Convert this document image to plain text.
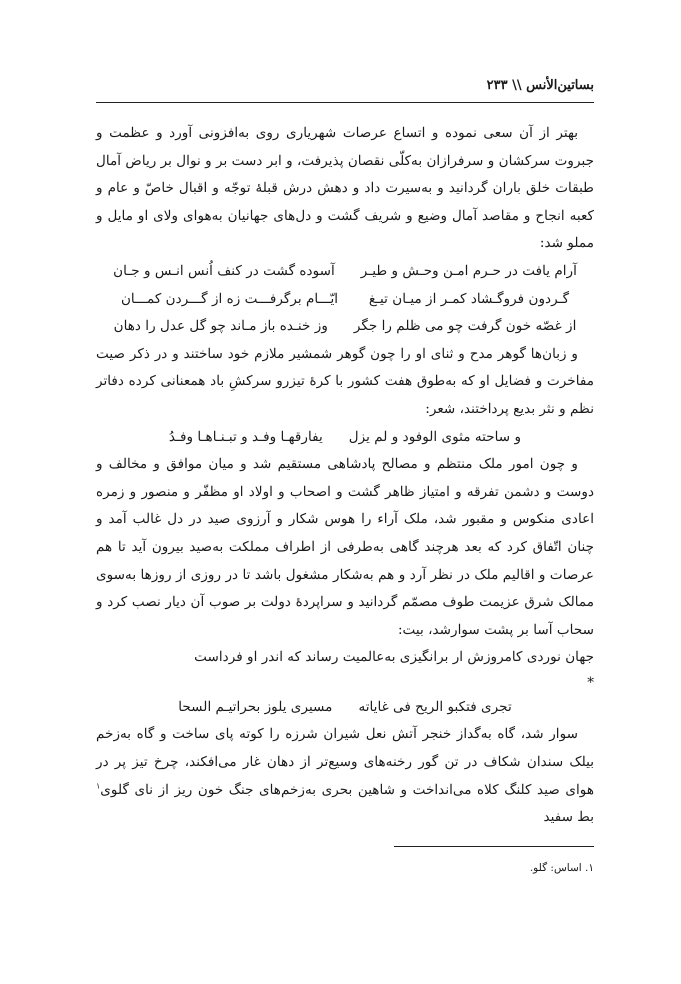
بساتین‌الأنس \\ ۲۳۳

بهتر از آن سعی نموده و اتساع عرصات شهریاری روی به‌افزونی آورد و عظمت و جبروت سرکشان و سرفرازان به‌کلّی نقصان پذیرفت، و ابر دست بر و نوال بر ریاض آمال طبقات خلق باران گردانید و به‌سیرت داد و دهش درش قبلهٔ توجّه و اقبال خاصّ و عام و کعبه انجاح و مقاصد آمال وضیع و شریف گشت و دل‌های جهانیان به‌هوای ولای او مایل و مملو شد:

آرام یافت در حـرم امـن وحـش و طیـر
آسوده گشت در کنف اُنس انـس و جـان
گـردون فروگـشاد کمـر از میـان تیـغ
ایّـــام برگرفـــت زه از گـــردن کمـــان
از غصّه خون گرفت چو می ظلم را جگر
وز خنـده باز مـاند چو گل عدل را دهان

و زبان‌ها گوهر مدح و ثنای او را چون گوهر شمشیر ملازم خود ساختند و در ذکر صیت مفاخرت و فضایل او که به‌طوق هفت کشور با کرهٔ تیزرو سرکشِ باد همعنانی کرده دفاتر نظم و نثر بدیع پرداختند، شعر:

و ساحته مثوی الوفود و لم یزل
یفارقهـا وفـد و تبـنـاهـا وفـدُ

و چون امور ملک منتظم و مصالح پادشاهی مستقیم شد و میان موافق و مخالف و دوست و دشمن تفرقه و امتیاز ظاهر گشت و اصحاب و اولاد او مظفّر و منصور و زمره اعادی منکوس و مقبور شد، ملک آراء را هوس شکار و آرزوی صید در دل غالب آمد و چنان اتّفاق کرد که بعد هرچند گاهی به‌طرفی از اطراف مملکت به‌صید بیرون آید تا هم عرصات و اقالیم ملک در نظر آرد و هم به‌شکار مشغول باشد تا در روزی از روزها به‌سوی ممالک شرق عزیمت طوف مصمّم گردانید و سراپردهٔ دولت بر صوب آن دیار نصب کرد و سحاب آسا بر پشت سوارشد، بیت:

جهان نوردی کامروزش ار برانگیزی به‌عالمیت رساند که اندر او فرداست
*
تجری فتکبو الریح فی غایاته
مسیری یلوز بحراتیـم السحا

سوار شد، گاه به‌گداز خنجر آتش نعل شیران شرزه را کوته پای ساخت و گاه به‌زخم بیلک سندان شکاف در تن گور رخنه‌های وسیع‌تر از دهان غار می‌افکند، چرخ تیز پر در هوای صید کلنگ کلاه می‌انداخت و شاهین بحری به‌زخم‌های جنگ خون ریز از نای گلوی$^۱$ بط سفید

۱. اساس: گلو.
